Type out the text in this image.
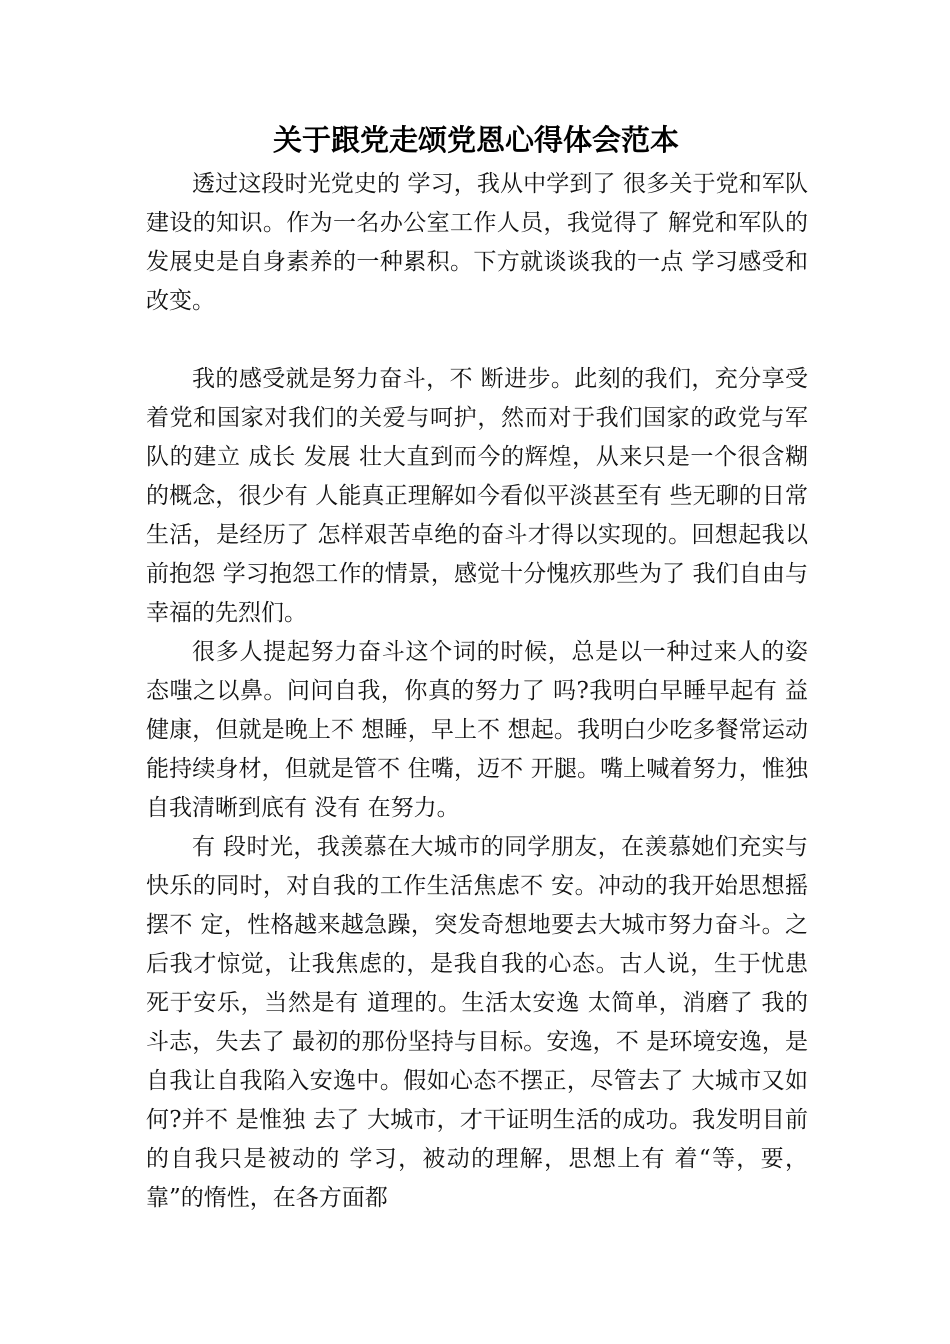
关于跟党走颂党恩心得体会范本

透过这段时光党史的 学习，我从中学到了 很多关于党和军队建设的知识。作为一名办公室工作人员，我觉得了 解党和军队的发展史是自身素养的一种累积。下方就谈谈我的一点 学习感受和改变。

我的感受就是努力奋斗，不 断进步。此刻的我们，充分享受着党和国家对我们的关爱与呵护，然而对于我们国家的政党与军队的建立 成长 发展 壮大直到而今的辉煌，从来只是一个很含糊的概念，很少有 人能真正理解如今看似平淡甚至有 些无聊的日常生活，是经历了 怎样艰苦卓绝的奋斗才得以实现的。回想起我以前抱怨 学习抱怨工作的情景，感觉十分愧疚那些为了 我们自由与幸福的先烈们。

很多人提起努力奋斗这个词的时候，总是以一种过来人的姿态嗤之以鼻。问问自我，你真的努力了 吗?我明白早睡早起有 益健康，但就是晚上不 想睡，早上不 想起。我明白少吃多餐常运动能持续身材，但就是管不 住嘴，迈不 开腿。嘴上喊着努力，惟独 自我清晰到底有 没有 在努力。

有 段时光，我羡慕在大城市的同学朋友，在羡慕她们充实与快乐的同时，对自我的工作生活焦虑不 安。冲动的我开始思想摇摆不 定，性格越来越急躁，突发奇想地要去大城市努力奋斗。之后我才惊觉，让我焦虑的，是我自我的心态。古人说，生于忧患死于安乐，当然是有 道理的。生活太安逸 太简单，消磨了 我的斗志，失去了 最初的那份坚持与目标。安逸，不 是环境安逸，是自我让自我陷入安逸中。假如心态不摆正，尽管去了 大城市又如何?并不 是惟独 去了 大城市，才干证明生活的成功。我发明目前的自我只是被动的 学习，被动的理解，思想上有 着“等，要，靠”的惰性，在各方面都
